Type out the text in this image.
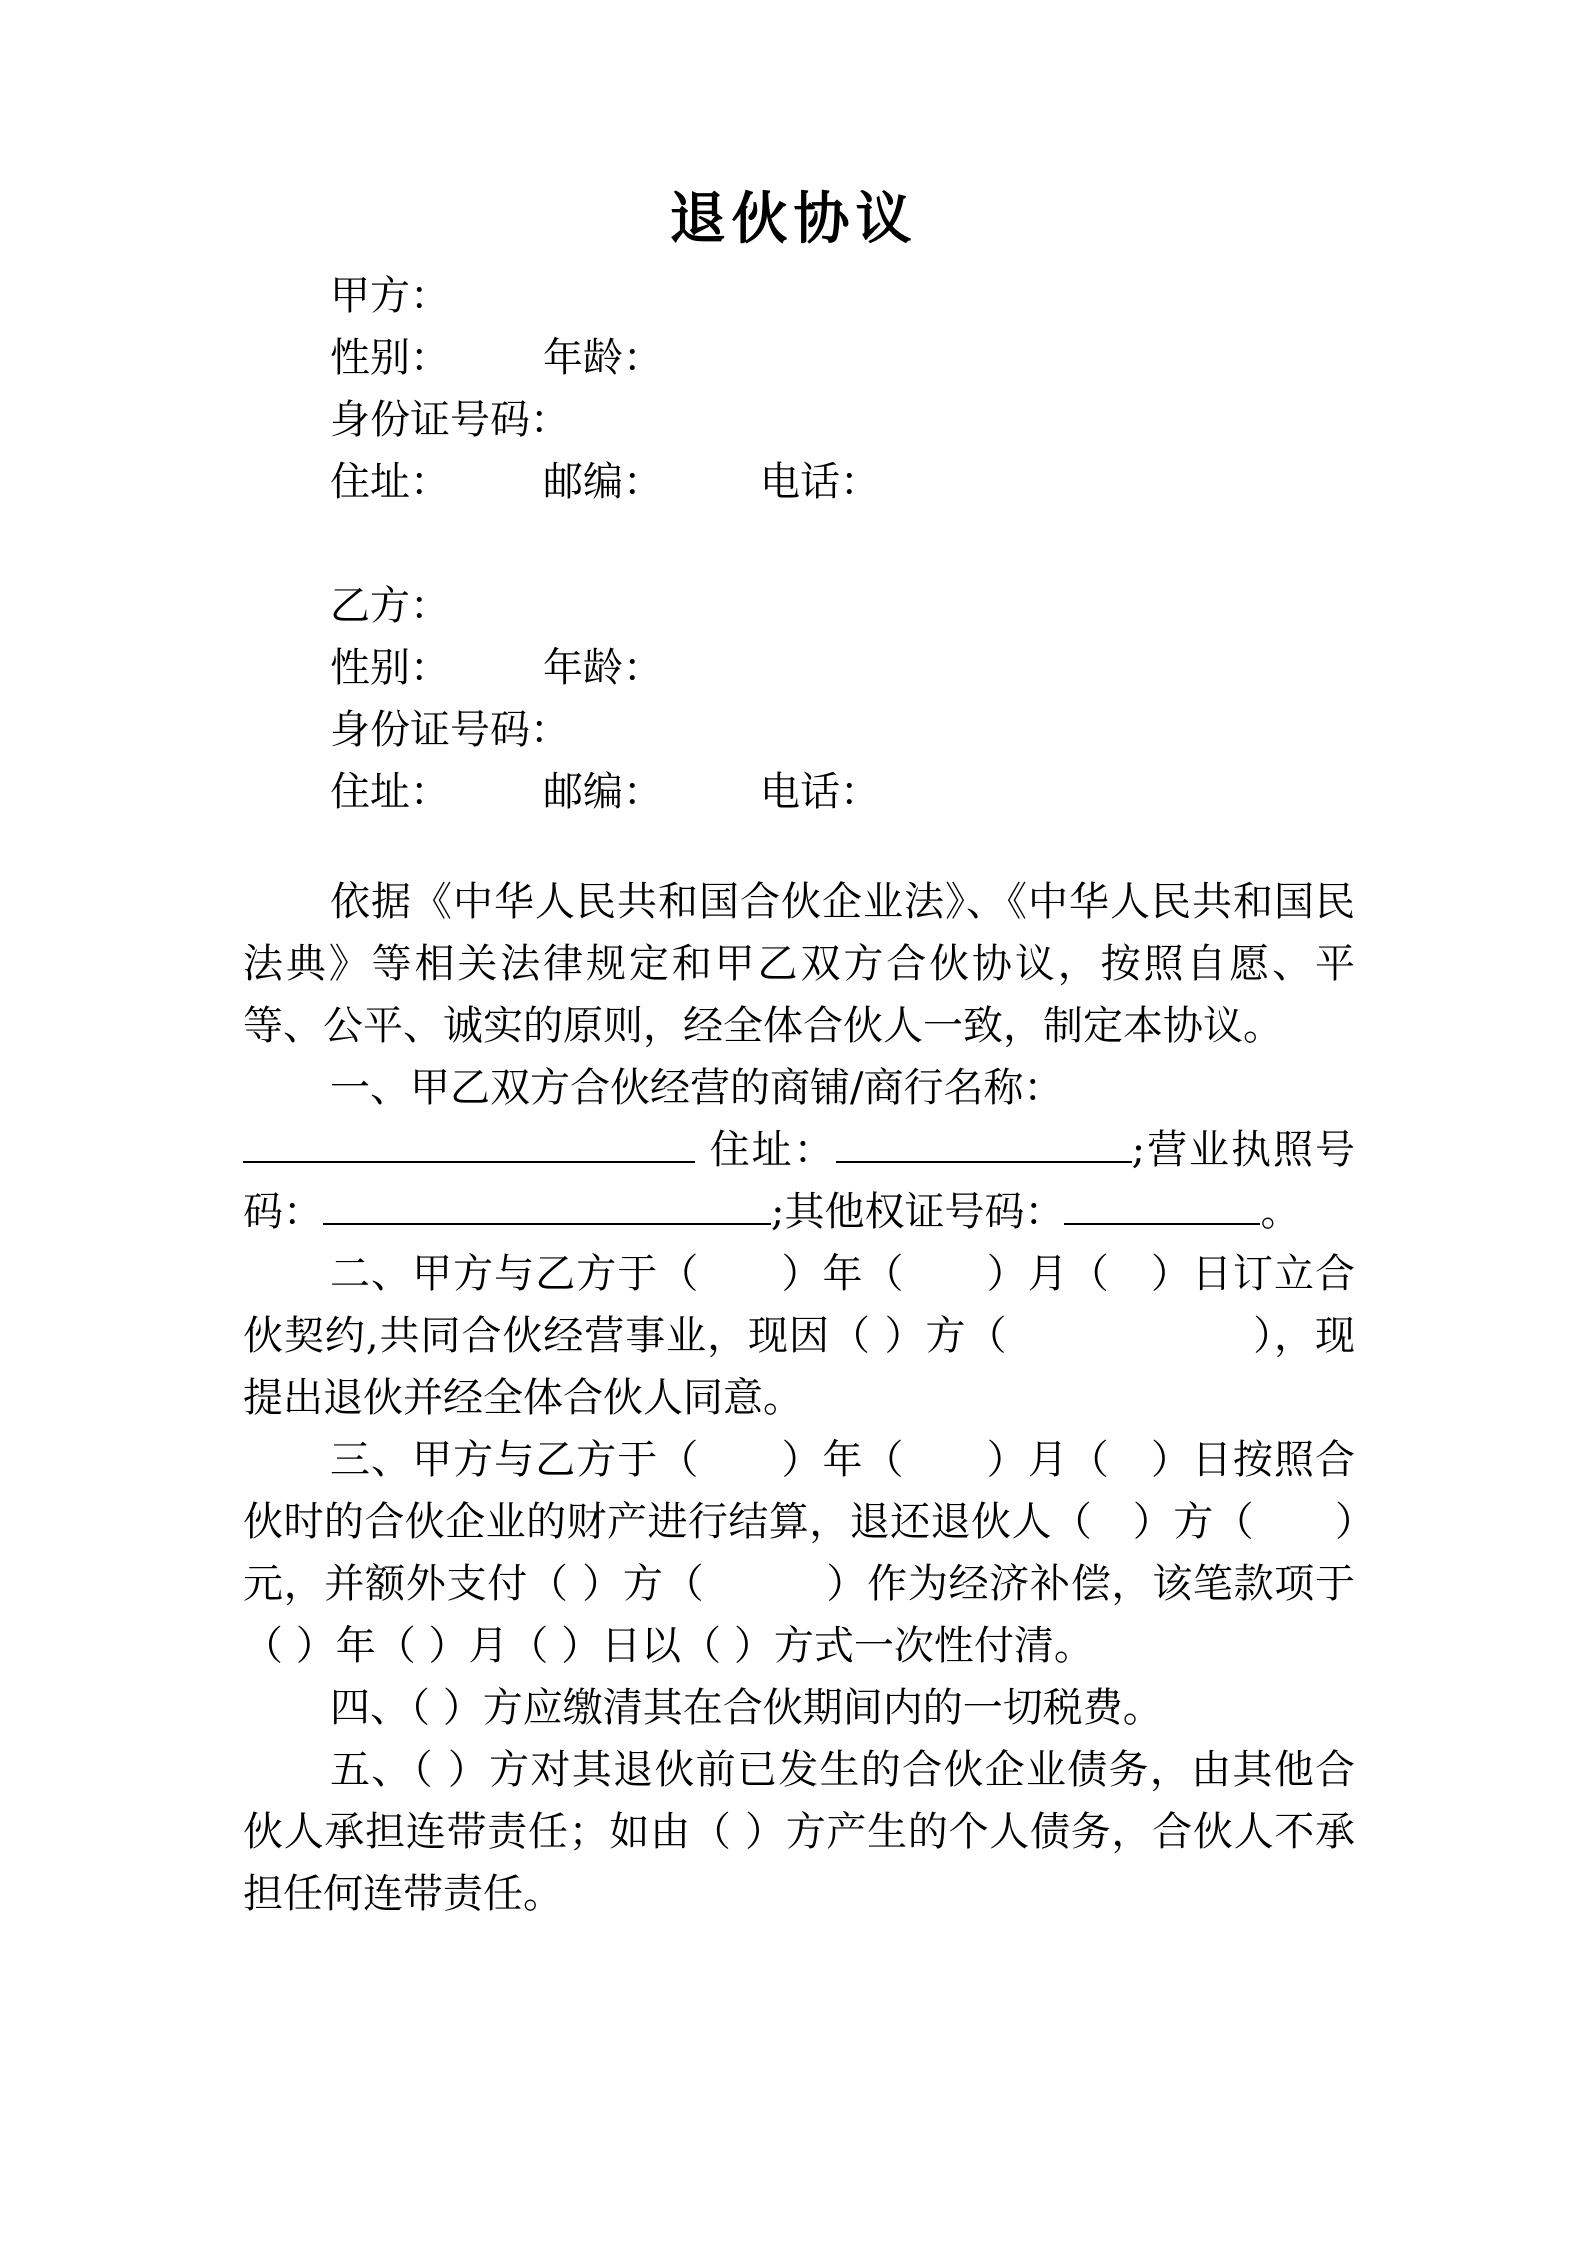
退伙协议
甲方：
性别： 年龄：
身份证号码：
住址： 邮编： 电话：
乙方：
性别： 年龄：
身份证号码：
住址： 邮编： 电话：

依据《中华人民共和国合伙企业法》、《中华人民共和国民法典》等相关法律规定和甲乙双方合伙协议，按照自愿、平等、公平、诚实的原则，经全体合伙人一致，制定本协议。

一、甲乙双方合伙经营的商铺/商行名称：

住址：	;营业执照号码：	;其他权证号码：	。

二、甲方与乙方于（　　）年（　　）月（　）日订立合伙契约,共同合伙经营事业，现因（ ）方（　　　　　　），现提出退伙并经全体合伙人同意。

三、甲方与乙方于（　　）年（　　）月（　）日按照合伙时的合伙企业的财产进行结算，退还退伙人（　）方（　　）元，并额外支付（ ）方（　　　）作为经济补偿，该笔款项于（ ）年（ ）月（ ）日以（ ）方式一次性付清。

四、（ ）方应缴清其在合伙期间内的一切税费。

五、（ ）方对其退伙前已发生的合伙企业债务，由其他合伙人承担连带责任；如由（ ）方产生的个人债务，合伙人不承担任何连带责任。
